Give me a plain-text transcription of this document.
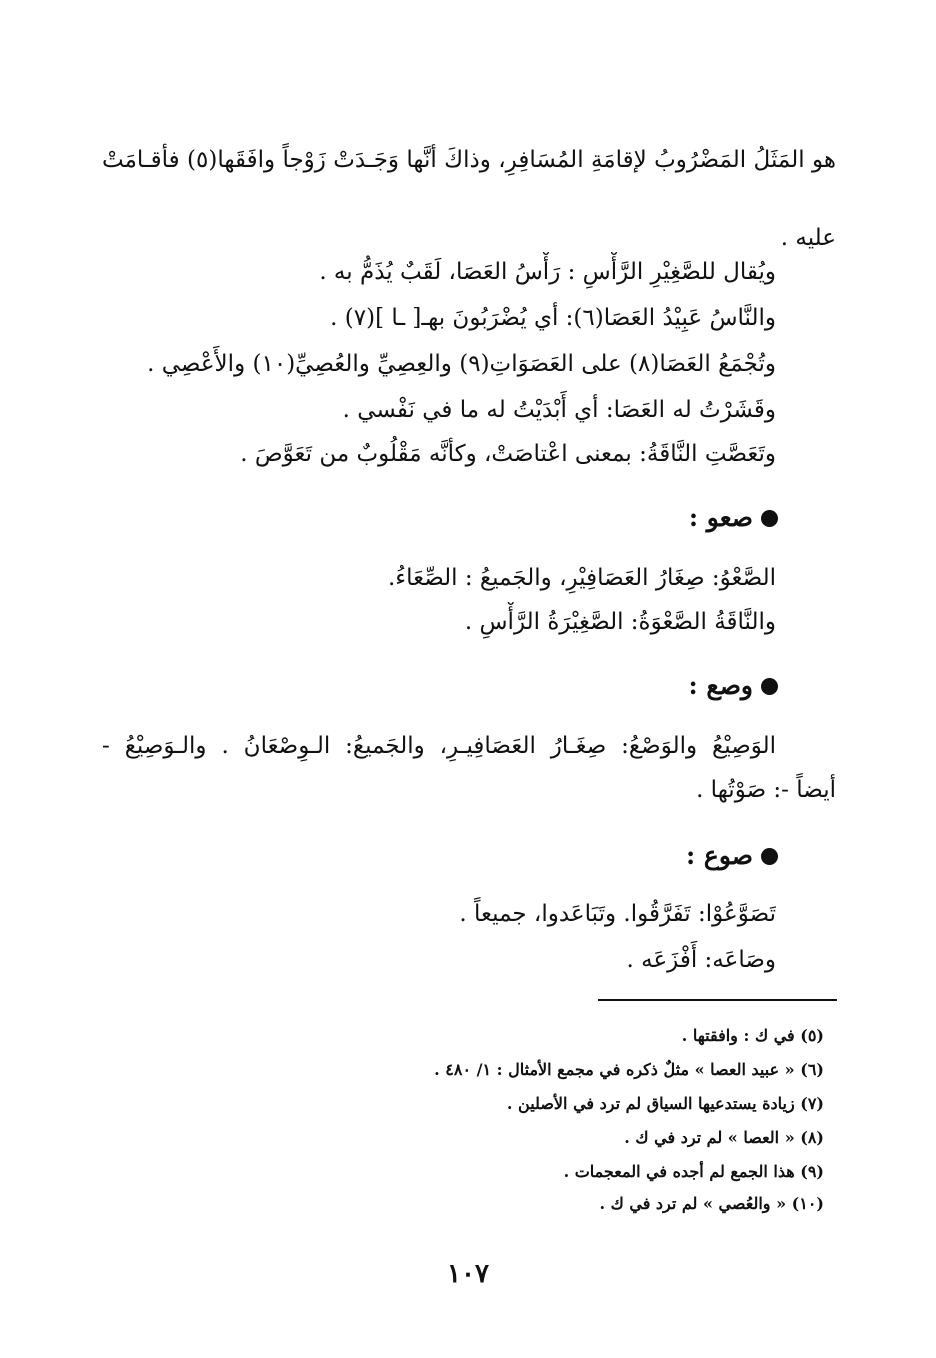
هو المَثَلُ المَضْرُوبُ لإقامَةِ المُسَافِرِ، وذاكَ أنَّها وَجَـدَتْ زَوْجاً وافَقَها(٥) فأقـامَتْ
عليه .
ويُقال للصَّغِيْرِ الرَّأْسِ : رَأْسُ العَصَا، لَقَبٌ يُذَمُّ به .
والنَّاسُ عَبِيْدُ العَصَا(٦): أي يُضْرَبُونَ بهـ[ ـا ](٧) .
وتُجْمَعُ العَصَا(٨) على العَصَوَاتِ(٩) والعِصِيِّ والعُصِيِّ(١٠) والأَعْصِي .
وقَشَرْتُ له العَصَا: أي أَبْدَيْتُ له ما في نَفْسي .
وتَعَصَّتِ النَّاقَةُ: بمعنى اعْتاصَتْ، وكأنَّه مَقْلُوبٌ من تَعَوَّصَ .
صعو :
الصَّعْوُ: صِغَارُ العَصَافِيْرِ، والجَميعُ : الصِّعَاءُ.
والنَّاقَةُ الصَّعْوَةُ: الصَّغِيْرَةُ الرَّأْسِ .
وصع :
الوَصِيْعُ والوَصْعُ: صِغَـارُ العَصَافِيـرِ، والجَميعُ: الـوِصْعَانُ . والـوَصِيْعُ -
أيضاً -: صَوْتُها .
صوع :
تَصَوَّعُوْا: تَفَرَّقُوا. وتَبَاعَدوا، جميعاً .
وصَاعَه: أَفْزَعَه .
(٥) في ك : وافقتها .
(٦) « عبيد العصا » مثلٌ ذكره في مجمع الأمثال : ١/ ٤٨٠ .
(٧) زيادة يستدعيها السياق لم ترد في الأصلين .
(٨) « العصا » لم ترد في ك .
(٩) هذا الجمع لم أجده في المعجمات .
(١٠) « والعُصي » لم ترد في ك .
١٠٧
